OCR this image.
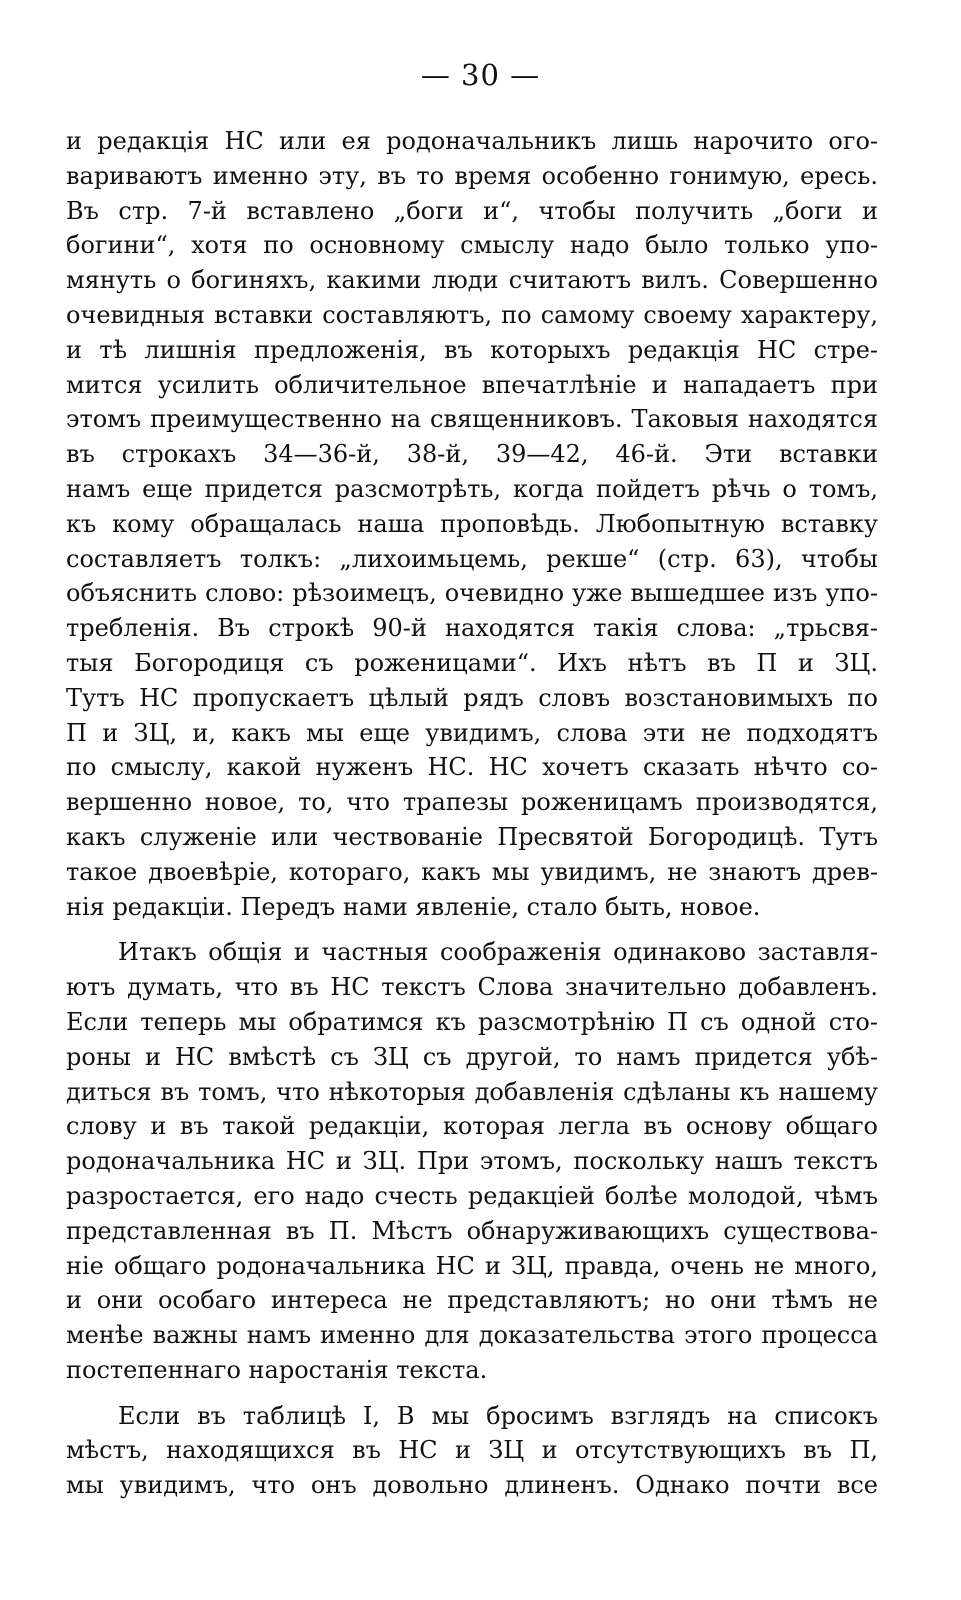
— 30 —
и редакція НС или ея родоначальникъ лишь нарочито ого-
вариваютъ именно эту, въ то время особенно гонимую, ересь.
Въ стр. 7-й вставлено „боги и“, чтобы получить „боги и
богини“, хотя по основному смыслу надо было только упо-
мянуть о богиняхъ, какими люди считаютъ вилъ. Совершенно
очевидныя вставки составляютъ, по самому своему характеру,
и тѣ лишнія предложенія, въ которыхъ редакція НС стре-
мится усилить обличительное впечатлѣніе и нападаетъ при
этомъ преимущественно на священниковъ. Таковыя находятся
въ строкахъ 34—36-й, 38-й, 39—42, 46-й. Эти вставки
намъ еще придется разсмотрѣть, когда пойдетъ рѣчь о томъ,
къ кому обращалась наша проповѣдь. Любопытную вставку
составляетъ толкъ: „лихоимьцемь, рекше“ (стр. 63), чтобы
объяснить слово: рѣзоимецъ, очевидно уже вышедшее изъ упо-
требленія. Въ строкѣ 90-й находятся такія слова: „трьсвя-
тыя Богородиця съ роженицами“. Ихъ нѣтъ въ П и ЗЦ.
Тутъ НС пропускаетъ цѣлый рядъ словъ возстановимыхъ по
П и ЗЦ, и, какъ мы еще увидимъ, слова эти не подходятъ
по смыслу, какой нуженъ НС. НС хочетъ сказать нѣчто со-
вершенно новое, то, что трапезы роженицамъ производятся,
какъ служеніе или чествованіе Пресвятой Богородицѣ. Тутъ
такое двоевѣріе, котораго, какъ мы увидимъ, не знаютъ древ-
нія редакціи. Передъ нами явленіе, стало быть, новое.
Итакъ общія и частныя соображенія одинаково заставля-
ютъ думать, что въ НС текстъ Слова значительно добавленъ.
Если теперь мы обратимся къ разсмотрѣнію П съ одной сто-
роны и НС вмѣстѣ съ ЗЦ съ другой, то намъ придется убѣ-
диться въ томъ, что нѣкоторыя добавленія сдѣланы къ нашему
слову и въ такой редакціи, которая легла въ основу общаго
родоначальника НС и ЗЦ. При этомъ, поскольку нашъ текстъ
разростается, его надо счесть редакціей болѣе молодой, чѣмъ
представленная въ П. Мѣстъ обнаруживающихъ существова-
ніе общаго родоначальника НС и ЗЦ, правда, очень не много,
и они особаго интереса не представляютъ; но они тѣмъ не
менѣе важны намъ именно для доказательства этого процесса
постепеннаго наростанія текста.
Если въ таблицѣ I, В мы бросимъ взглядъ на списокъ
мѣстъ, находящихся въ НС и ЗЦ и отсутствующихъ въ П,
мы увидимъ, что онъ довольно длиненъ. Однако почти все
